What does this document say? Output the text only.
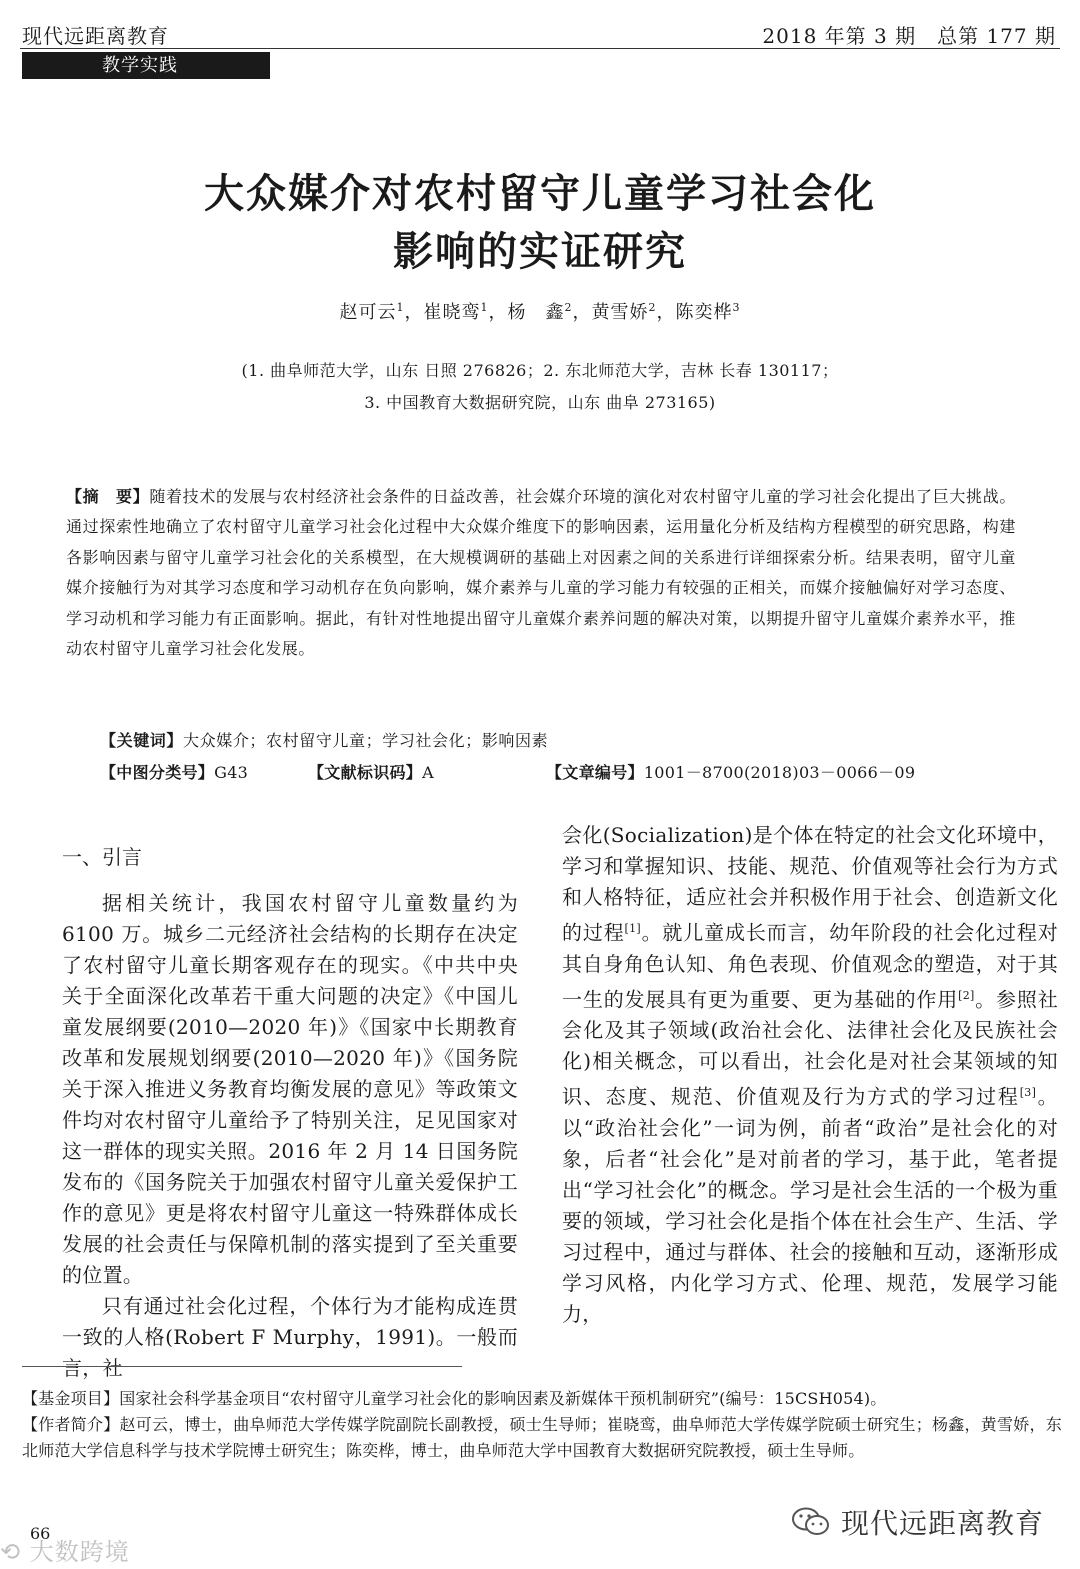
现代远距离教育	2018 年第 3 期　总第 177 期
教学实践
大众媒介对农村留守儿童学习社会化
影响的实证研究
赵可云$^1$，崔晓鸾$^1$，杨　鑫$^2$，黄雪娇$^2$，陈奕桦$^3$
(1. 曲阜师范大学，山东 日照 276826；2. 东北师范大学，吉林 长春 130117；
3. 中国教育大数据研究院，山东 曲阜 273165)

【摘　要】随着技术的发展与农村经济社会条件的日益改善，社会媒介环境的演化对农村留守儿童的学习社会化提出了巨大挑战。通过探索性地确立了农村留守儿童学习社会化过程中大众媒介维度下的影响因素，运用量化分析及结构方程模型的研究思路，构建各影响因素与留守儿童学习社会化的关系模型，在大规模调研的基础上对因素之间的关系进行详细探索分析。结果表明，留守儿童媒介接触行为对其学习态度和学习动机存在负向影响，媒介素养与儿童的学习能力有较强的正相关，而媒介接触偏好对学习态度、学习动机和学习能力有正面影响。据此，有针对性地提出留守儿童媒介素养问题的解决对策，以期提升留守儿童媒介素养水平，推动农村留守儿童学习社会化发展。

【关键词】大众媒介；农村留守儿童；学习社会化；影响因素
【中图分类号】G43	【文献标识码】A	【文章编号】1001－8700(2018)03－0066－09
一、引言

据相关统计，我国农村留守儿童数量约为 6100 万。城乡二元经济社会结构的长期存在决定了农村留守儿童长期客观存在的现实。《中共中央关于全面深化改革若干重大问题的决定》《中国儿童发展纲要(2010—2020 年)》《国家中长期教育改革和发展规划纲要(2010—2020 年)》《国务院关于深入推进义务教育均衡发展的意见》等政策文件均对农村留守儿童给予了特别关注，足见国家对这一群体的现实关照。2016 年 2 月 14 日国务院发布的《国务院关于加强农村留守儿童关爱保护工作的意见》更是将农村留守儿童这一特殊群体成长发展的社会责任与保障机制的落实提到了至关重要的位置。

只有通过社会化过程，个体行为才能构成连贯一致的人格(Robert F Murphy，1991)。一般而言，社

会化(Socialization)是个体在特定的社会文化环境中，学习和掌握知识、技能、规范、价值观等社会行为方式和人格特征，适应社会并积极作用于社会、创造新文化的过程[1]。就儿童成长而言，幼年阶段的社会化过程对其自身角色认知、角色表现、价值观念的塑造，对于其一生的发展具有更为重要、更为基础的作用[2]。参照社会化及其子领域(政治社会化、法律社会化及民族社会化)相关概念，可以看出，社会化是对社会某领域的知识、态度、规范、价值观及行为方式的学习过程[3]。以“政治社会化”一词为例，前者“政治”是社会化的对象，后者“社会化”是对前者的学习，基于此，笔者提出“学习社会化”的概念。学习是社会生活的一个极为重要的领域，学习社会化是指个体在社会生产、生活、学习过程中，通过与群体、社会的接触和互动，逐渐形成学习风格，内化学习方式、伦理、规范，发展学习能力，

【基金项目】国家社会科学基金项目“农村留守儿童学习社会化的影响因素及新媒体干预机制研究”(编号：15CSH054)。

【作者简介】赵可云，博士，曲阜师范大学传媒学院副院长副教授，硕士生导师；崔晓鸾，曲阜师范大学传媒学院硕士研究生；杨鑫，黄雪娇，东北师范大学信息科学与技术学院博士研究生；陈奕桦，博士，曲阜师范大学中国教育大数据研究院教授，硕士生导师。

66
⟲ 大数跨境
现代远距离教育
